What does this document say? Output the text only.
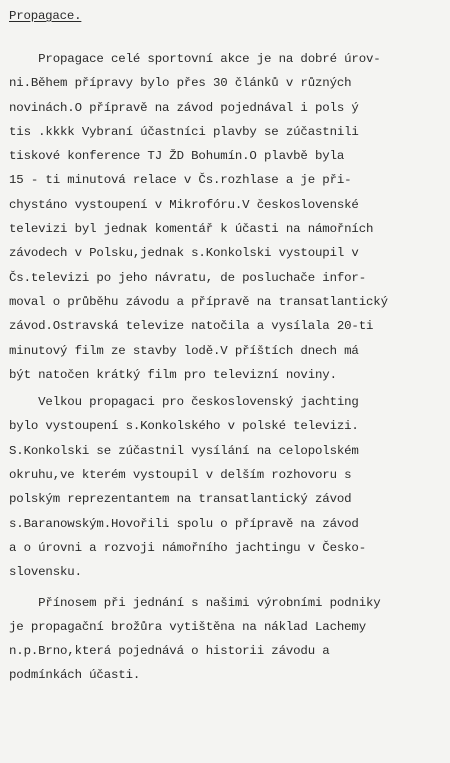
Propagace.
Propagace celé sportovní akce je na dobré úrov-
ni.Během přípravy bylo přes 30 článků v různých
novinách.O přípravě na závod pojednával i pols ý
tis .kkkk Vybraní účastníci plavby se zúčastnili
tiskové konference TJ ŽD Bohumín.O plavbě byla
15 - ti minutová relace v Čs.rozhlase a je při-
chystáno vystoupení v Mikrofóru.V československé
televizi byl jednak komentář k účasti na námořních
závodech v Polsku,jednak s.Konkolski vystoupil v
Čs.televizi po jeho návratu, de posluchače infor-
moval o průběhu závodu a přípravě na transatlantický
závod.Ostravská televize natočila a vysílala 20-ti
minutový film ze stavby lodě.V příštích dnech má
být natočen krátký film pro televizní noviny.
Velkou propagaci pro československý jachting
bylo vystoupení s.Konkolského v polské televizi.
S.Konkolski se zúčastnil vysílání na celopolském
okruhu,ve kterém vystoupil v delším rozhovoru s
polským reprezentantem na transatlantický závod
s.Baranowským.Hovořili spolu o přípravě na závod
a o úrovni a rozvoji námořního jachtingu v Česko-
slovensku.
Přínosem při jednání s našimi výrobními podniky
je propagační brožůra vytištěna na náklad Lachemy
n.p.Brno,která pojednává o historii závodu a
podmínkách účasti.
